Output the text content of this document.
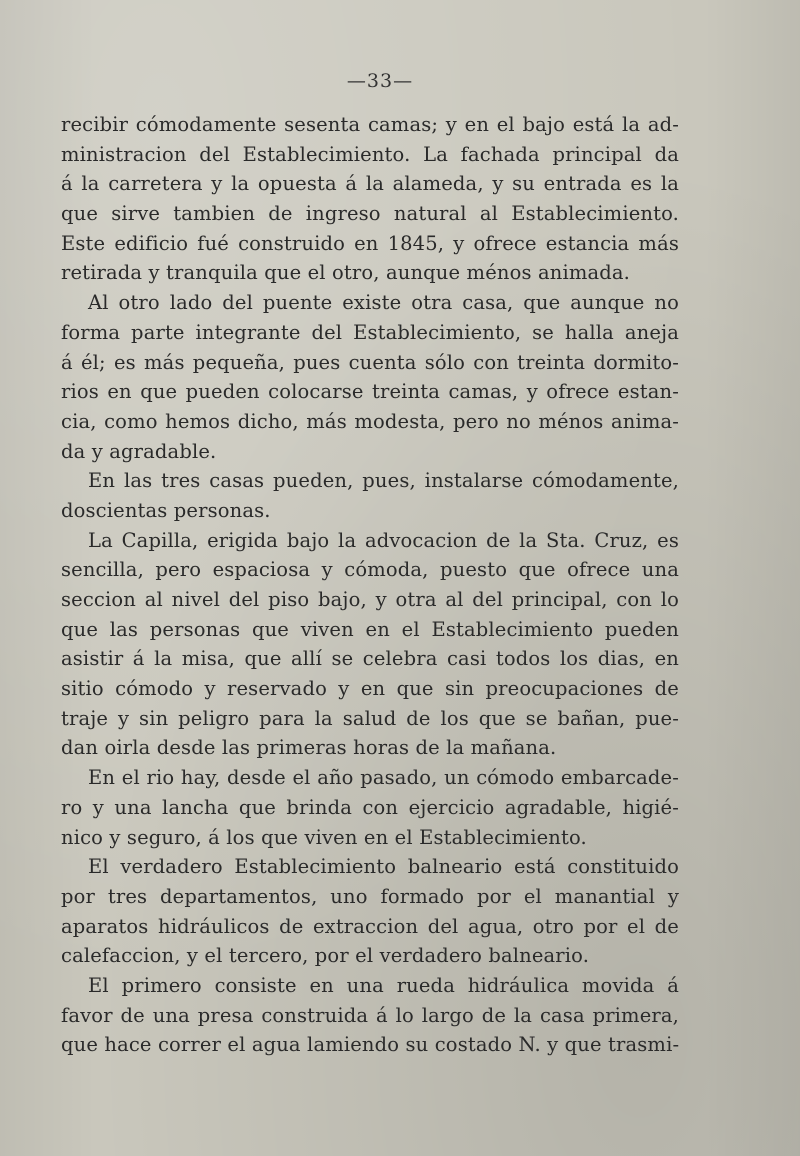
—33—
recibir cómodamente sesenta camas; y en el bajo está la ad-
ministracion del Establecimiento. La fachada principal da
á la carretera y la opuesta á la alameda, y su entrada es la
que sirve tambien de ingreso natural al Establecimiento.
Este edificio fué construido en 1845, y ofrece estancia más
retirada y tranquila que el otro, aunque ménos animada.
Al otro lado del puente existe otra casa, que aunque no
forma parte integrante del Establecimiento, se halla aneja
á él; es más pequeña, pues cuenta sólo con treinta dormito-
rios en que pueden colocarse treinta camas, y ofrece estan-
cia, como hemos dicho, más modesta, pero no ménos anima-
da y agradable.
En las tres casas pueden, pues, instalarse cómodamente,
doscientas personas.
La Capilla, erigida bajo la advocacion de la Sta. Cruz, es
sencilla, pero espaciosa y cómoda, puesto que ofrece una
seccion al nivel del piso bajo, y otra al del principal, con lo
que las personas que viven en el Establecimiento pueden
asistir á la misa, que allí se celebra casi todos los dias, en
sitio cómodo y reservado y en que sin preocupaciones de
traje y sin peligro para la salud de los que se bañan, pue-
dan oirla desde las primeras horas de la mañana.
En el rio hay, desde el año pasado, un cómodo embarcade-
ro y una lancha que brinda con ejercicio agradable, higié-
nico y seguro, á los que viven en el Establecimiento.
El verdadero Establecimiento balneario está constituido
por tres departamentos, uno formado por el manantial y
aparatos hidráulicos de extraccion del agua, otro por el de
calefaccion, y el tercero, por el verdadero balneario.
El primero consiste en una rueda hidráulica movida á
favor de una presa construida á lo largo de la casa primera,
que hace correr el agua lamiendo su costado N. y que trasmi-
